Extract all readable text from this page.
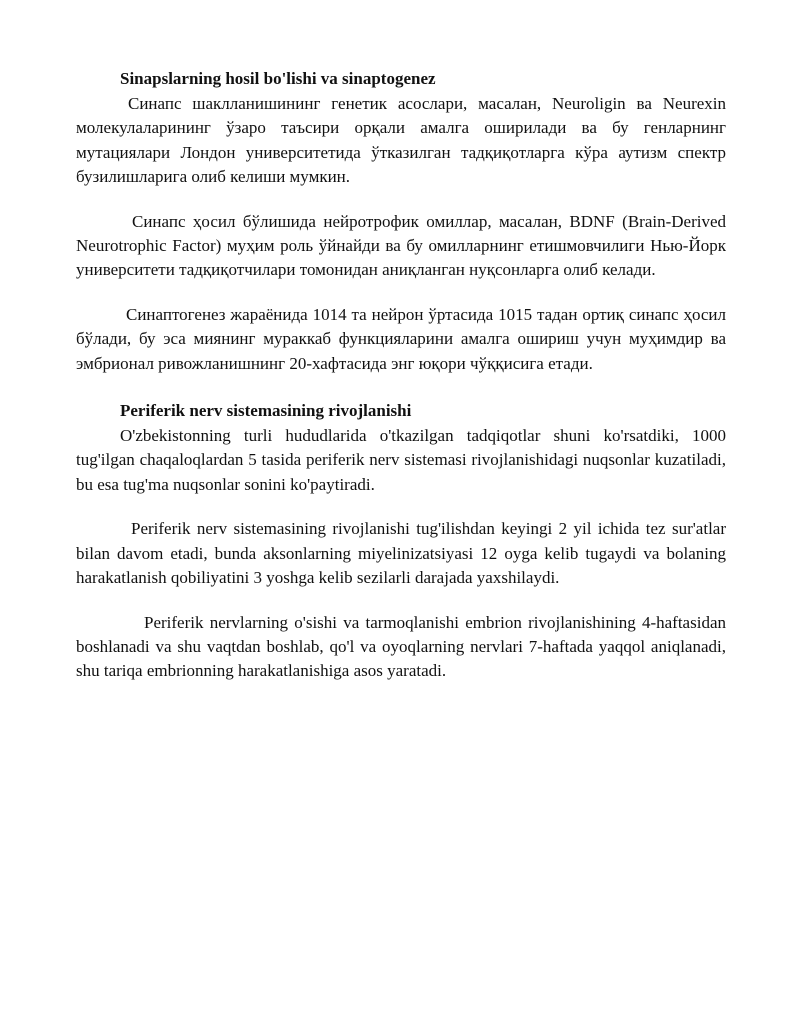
Sinapslarning hosil bo'lishi va sinaptogenez

Синапс шаклланишининг генетик асослари, масалан, Neuroligin ва Neurexin молекулаларининг ўзаро таъсири орқали амалга оширилади ва бу генларнинг мутациялари Лондон университетида ўтказилган тадқиқотларга кўра аутизм спектр бузилишларига олиб келиши мумкин.

Синапс ҳосил бўлишида нейротрофик омиллар, масалан, BDNF (Brain-Derived Neurotrophic Factor) муҳим роль ўйнайди ва бу омилларнинг етишмовчилиги Нью-Йорк университети тадқиқотчилари томонидан аниқланган нуқсонларга олиб келади.

Синаптогенез жараёнида 1014 та нейрон ўртасида 1015 тадан ортиқ синапс ҳосил бўлади, бу эса миянинг мураккаб функцияларини амалга ошириш учун муҳимдир ва эмбрионал ривожланишнинг 20-хафтасида энг юқори чўққисига етади.

Periferik nerv sistemasining rivojlanishi

O'zbekistonning turli hududlarida o'tkazilgan tadqiqotlar shuni ko'rsatdiki, 1000 tug'ilgan chaqaloqlardan 5 tasida periferik nerv sistemasi rivojlanishidagi nuqsonlar kuzatiladi, bu esa tug'ma nuqsonlar sonini ko'paytiradi.

Periferik nerv sistemasining rivojlanishi tug'ilishdan keyingi 2 yil ichida tez sur'atlar bilan davom etadi, bunda aksonlarning miyelinizatsiyasi 12 oyga kelib tugaydi va bolaning harakatlanish qobiliyatini 3 yoshga kelib sezilarli darajada yaxshilaydi.

Periferik nervlarning o'sishi va tarmoqlanishi embrion rivojlanishining 4-haftasidan boshlanadi va shu vaqtdan boshlab, qo'l va oyoqlarning nervlari 7-haftada yaqqol aniqlanadi, shu tariqa embrionning harakatlanishiga asos yaratadi.
